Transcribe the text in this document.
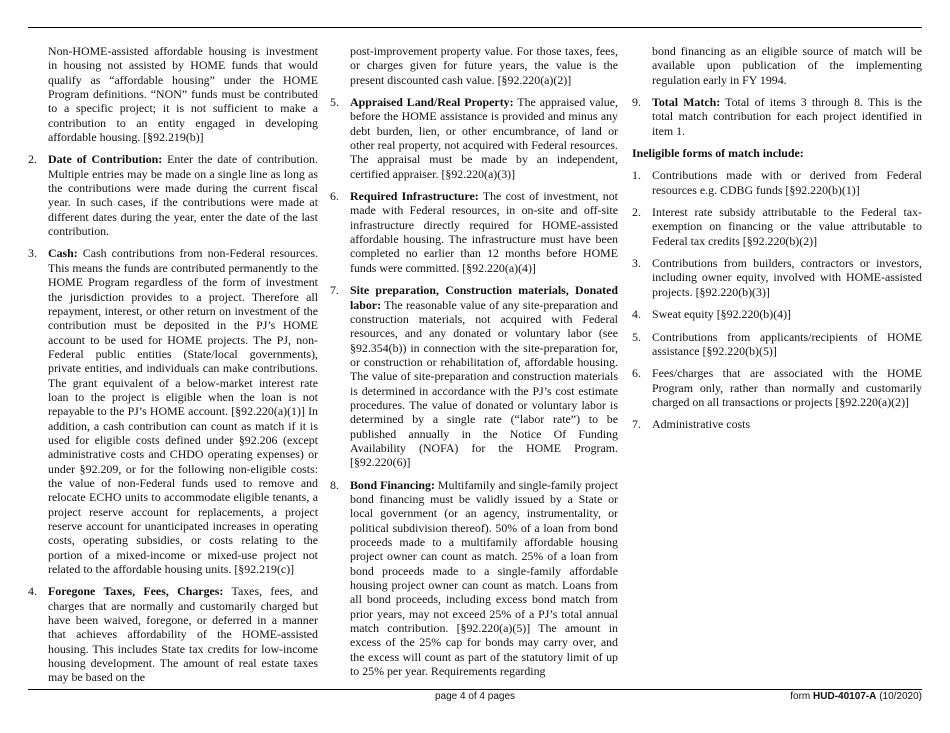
Non-HOME-assisted affordable housing is investment in housing not assisted by HOME funds that would qualify as “affordable housing” under the HOME Program definitions. “NON” funds must be contributed to a specific project; it is not sufficient to make a contribution to an entity engaged in developing affordable housing. [§92.219(b)]

2. Date of Contribution: Enter the date of contribution. Multiple entries may be made on a single line as long as the contributions were made during the current fiscal year. In such cases, if the contributions were made at different dates during the year, enter the date of the last contribution.
3. Cash: Cash contributions from non-Federal resources. This means the funds are contributed permanently to the HOME Program regardless of the form of investment the jurisdiction provides to a project. Therefore all repayment, interest, or other return on investment of the contribution must be deposited in the PJ’s HOME account to be used for HOME projects. The PJ, non-Federal public entities (State/local governments), private entities, and individuals can make contributions. The grant equivalent of a below-market interest rate loan to the project is eligible when the loan is not repayable to the PJ’s HOME account. [§92.220(a)(1)] In addition, a cash contribution can count as match if it is used for eligible costs defined under §92.206 (except administrative costs and CHDO operating expenses) or under §92.209, or for the following non-eligible costs: the value of non-Federal funds used to remove and relocate ECHO units to accommodate eligible tenants, a project reserve account for replacements, a project reserve account for unanticipated increases in operating costs, operating subsidies, or costs relating to the portion of a mixed-income or mixed-use project not related to the affordable housing units. [§92.219(c)]
4. Foregone Taxes, Fees, Charges: Taxes, fees, and charges that are normally and customarily charged but have been waived, foregone, or deferred in a manner that achieves affordability of the HOME-assisted housing. This includes State tax credits for low-income housing development. The amount of real estate taxes may be based on the

post-improvement property value. For those taxes, fees, or charges given for future years, the value is the present discounted cash value. [§92.220(a)(2)]

5. Appraised Land/Real Property: The appraised value, before the HOME assistance is provided and minus any debt burden, lien, or other encumbrance, of land or other real property, not acquired with Federal resources. The appraisal must be made by an independent, certified appraiser. [§92.220(a)(3)]
6. Required Infrastructure: The cost of investment, not made with Federal resources, in on-site and off-site infrastructure directly required for HOME-assisted affordable housing. The infrastructure must have been completed no earlier than 12 months before HOME funds were committed. [§92.220(a)(4)]
7. Site preparation, Construction materials, Donated labor: The reasonable value of any site-preparation and construction materials, not acquired with Federal resources, and any donated or voluntary labor (see §92.354(b)) in connection with the site-preparation for, or construction or rehabilitation of, affordable housing. The value of site-preparation and construction materials is determined in accordance with the PJ’s cost estimate procedures. The value of donated or voluntary labor is determined by a single rate (“labor rate”) to be published annually in the Notice Of Funding Availability (NOFA) for the HOME Program. [§92.220(6)]
8. Bond Financing: Multifamily and single-family project bond financing must be validly issued by a State or local government (or an agency, instrumentality, or political subdivision thereof). 50% of a loan from bond proceeds made to a multifamily affordable housing project owner can count as match. 25% of a loan from bond proceeds made to a single-family affordable housing project owner can count as match. Loans from all bond proceeds, including excess bond match from prior years, may not exceed 25% of a PJ’s total annual match contribution. [§92.220(a)(5)] The amount in excess of the 25% cap for bonds may carry over, and the excess will count as part of the statutory limit of up to 25% per year. Requirements regarding

bond financing as an eligible source of match will be available upon publication of the implementing regulation early in FY 1994.

9. Total Match: Total of items 3 through 8. This is the total match contribution for each project identified in item 1.
Ineligible forms of match include:
1. Contributions made with or derived from Federal resources e.g. CDBG funds [§92.220(b)(1)]
2. Interest rate subsidy attributable to the Federal tax-exemption on financing or the value attributable to Federal tax credits [§92.220(b)(2)]
3. Contributions from builders, contractors or investors, including owner equity, involved with HOME-assisted projects. [§92.220(b)(3)]
4. Sweat equity [§92.220(b)(4)]
5. Contributions from applicants/recipients of HOME assistance [§92.220(b)(5)]
6. Fees/charges that are associated with the HOME Program only, rather than normally and customarily charged on all transactions or projects [§92.220(a)(2)]
7. Administrative costs
page 4 of 4 pages	form HUD-40107-A (10/2020)
